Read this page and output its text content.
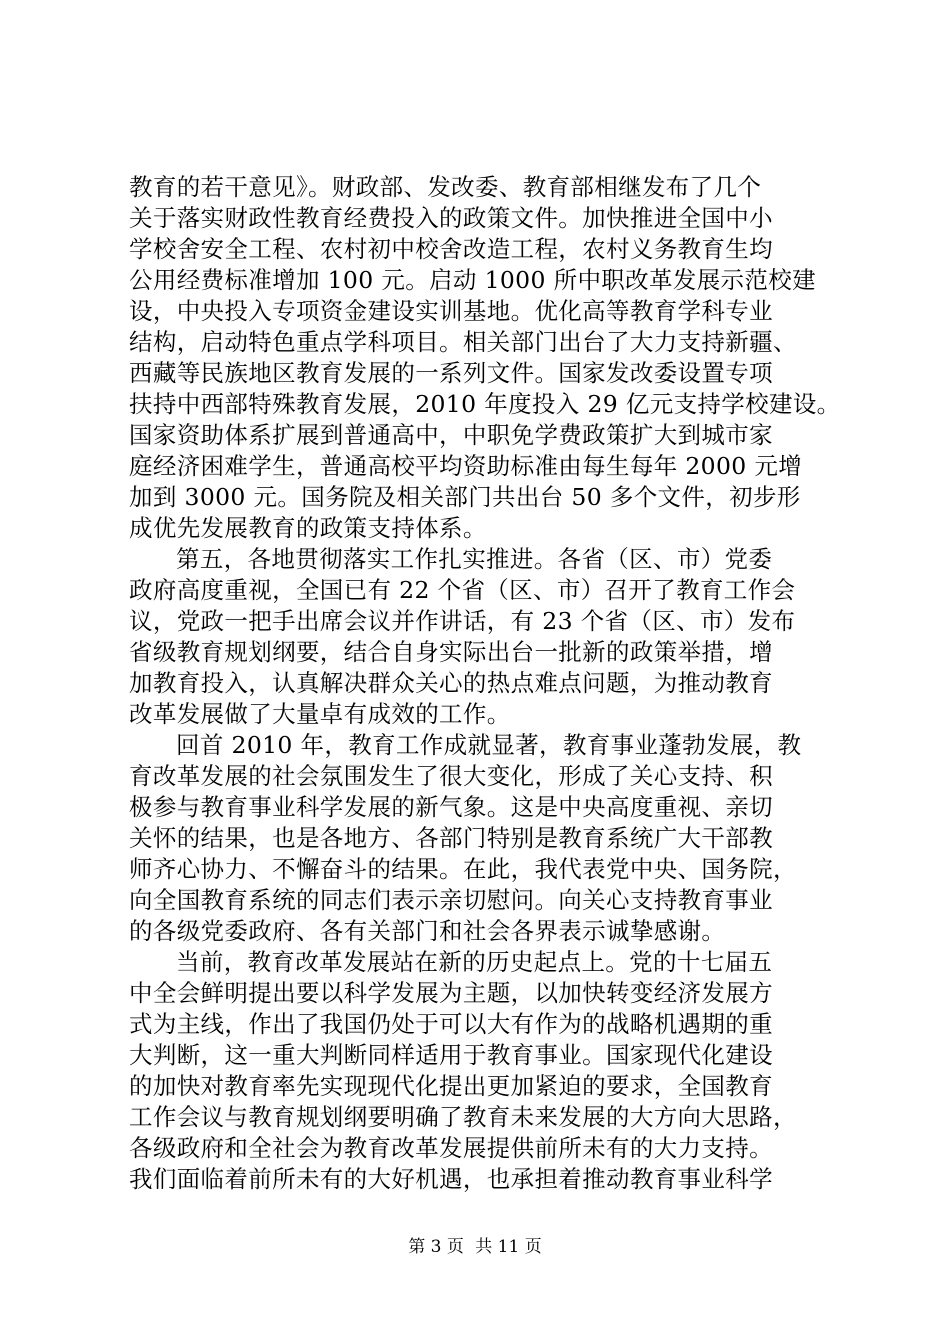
教育的若干意见》。财政部、发改委、教育部相继发布了几个
关于落实财政性教育经费投入的政策文件。加快推进全国中小
学校舍安全工程、农村初中校舍改造工程，农村义务教育生均
公用经费标准增加 100 元。启动 1000 所中职改革发展示范校建
设，中央投入专项资金建设实训基地。优化高等教育学科专业
结构，启动特色重点学科项目。相关部门出台了大力支持新疆、
西藏等民族地区教育发展的一系列文件。国家发改委设置专项
扶持中西部特殊教育发展，2010 年度投入 29 亿元支持学校建设。
国家资助体系扩展到普通高中，中职免学费政策扩大到城市家
庭经济困难学生，普通高校平均资助标准由每生每年 2000 元增
加到 3000 元。国务院及相关部门共出台 50 多个文件，初步形
成优先发展教育的政策支持体系。
第五，各地贯彻落实工作扎实推进。各省（区、市）党委
政府高度重视，全国已有 22 个省（区、市）召开了教育工作会
议，党政一把手出席会议并作讲话，有 23 个省（区、市）发布
省级教育规划纲要，结合自身实际出台一批新的政策举措，增
加教育投入，认真解决群众关心的热点难点问题，为推动教育
改革发展做了大量卓有成效的工作。
回首 2010 年，教育工作成就显著，教育事业蓬勃发展，教
育改革发展的社会氛围发生了很大变化，形成了关心支持、积
极参与教育事业科学发展的新气象。这是中央高度重视、亲切
关怀的结果，也是各地方、各部门特别是教育系统广大干部教
师齐心协力、不懈奋斗的结果。在此，我代表党中央、国务院，
向全国教育系统的同志们表示亲切慰问。向关心支持教育事业
的各级党委政府、各有关部门和社会各界表示诚挚感谢。
当前，教育改革发展站在新的历史起点上。党的十七届五
中全会鲜明提出要以科学发展为主题，以加快转变经济发展方
式为主线，作出了我国仍处于可以大有作为的战略机遇期的重
大判断，这一重大判断同样适用于教育事业。国家现代化建设
的加快对教育率先实现现代化提出更加紧迫的要求，全国教育
工作会议与教育规划纲要明确了教育未来发展的大方向大思路，
各级政府和全社会为教育改革发展提供前所未有的大力支持。
我们面临着前所未有的大好机遇，也承担着推动教育事业科学
第 3 页 共 11 页
